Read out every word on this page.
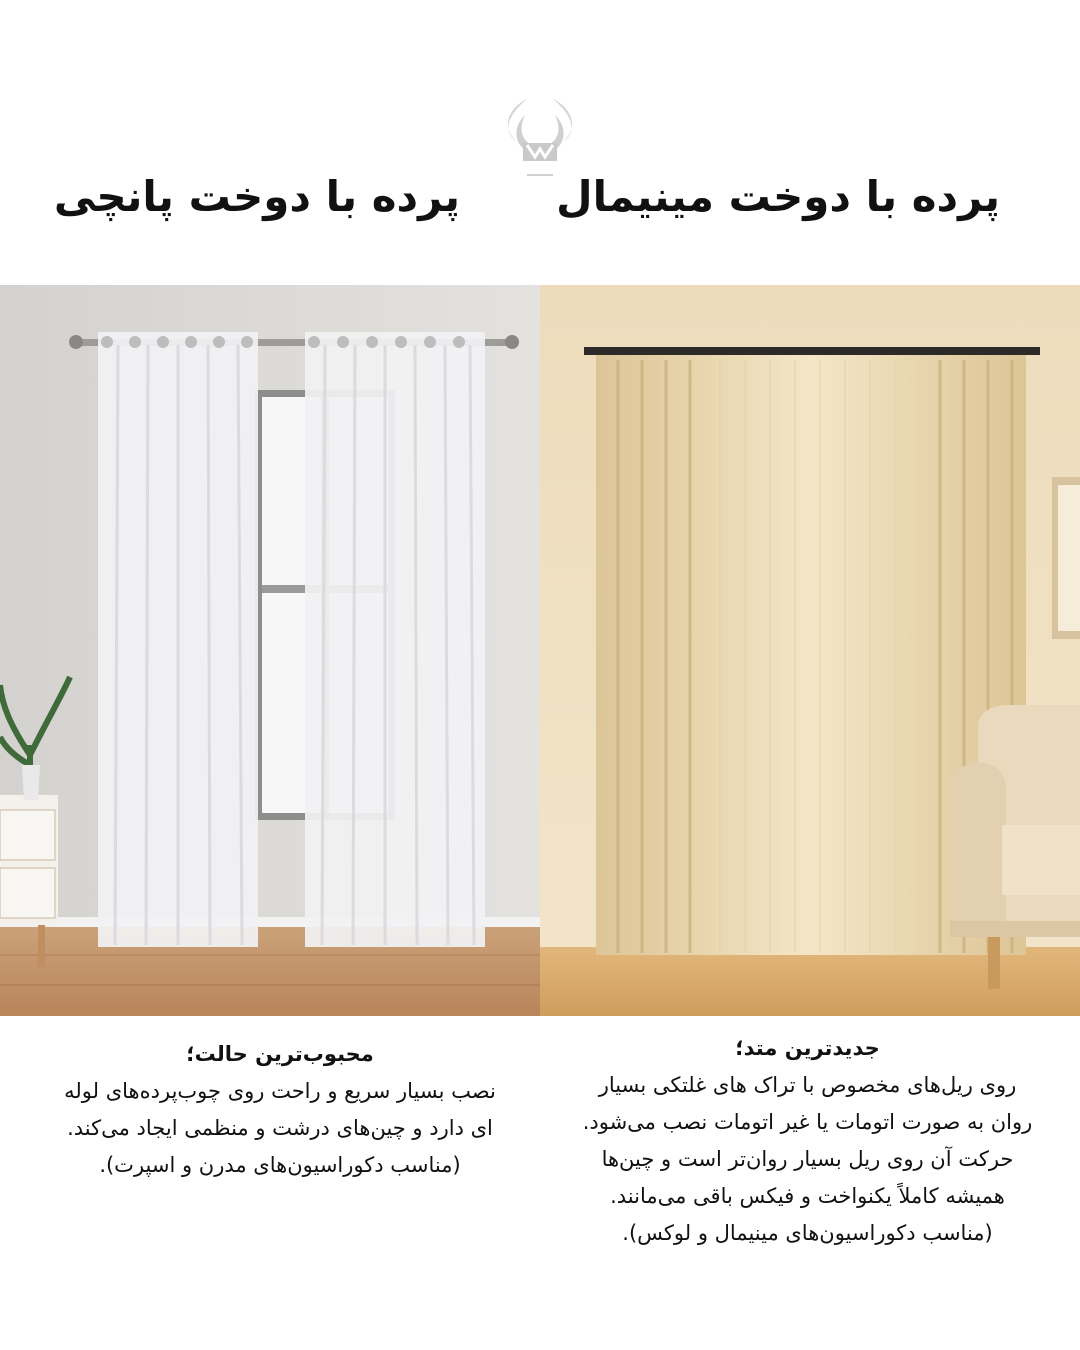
پرده با دوخت مینیمال
پرده با دوخت پانچی
محبوب‌ترین حالت؛
نصب بسیار سریع و راحت روی چوب‌پرده‌های لوله
ای دارد و چین‌های درشت و منظمی ایجاد می‌کند.
(مناسب دکوراسیون‌های مدرن و اسپرت).
جدیدترین متد؛
روی ریل‌های مخصوص با تراک های غلتکی بسیار
روان به صورت اتومات یا غیر اتومات نصب می‌شود.
حرکت آن روی ریل بسیار روان‌تر است و چین‌ها
همیشه کاملاً یکنواخت و فیکس باقی می‌مانند.
(مناسب دکوراسیون‌های مینیمال و لوکس).
